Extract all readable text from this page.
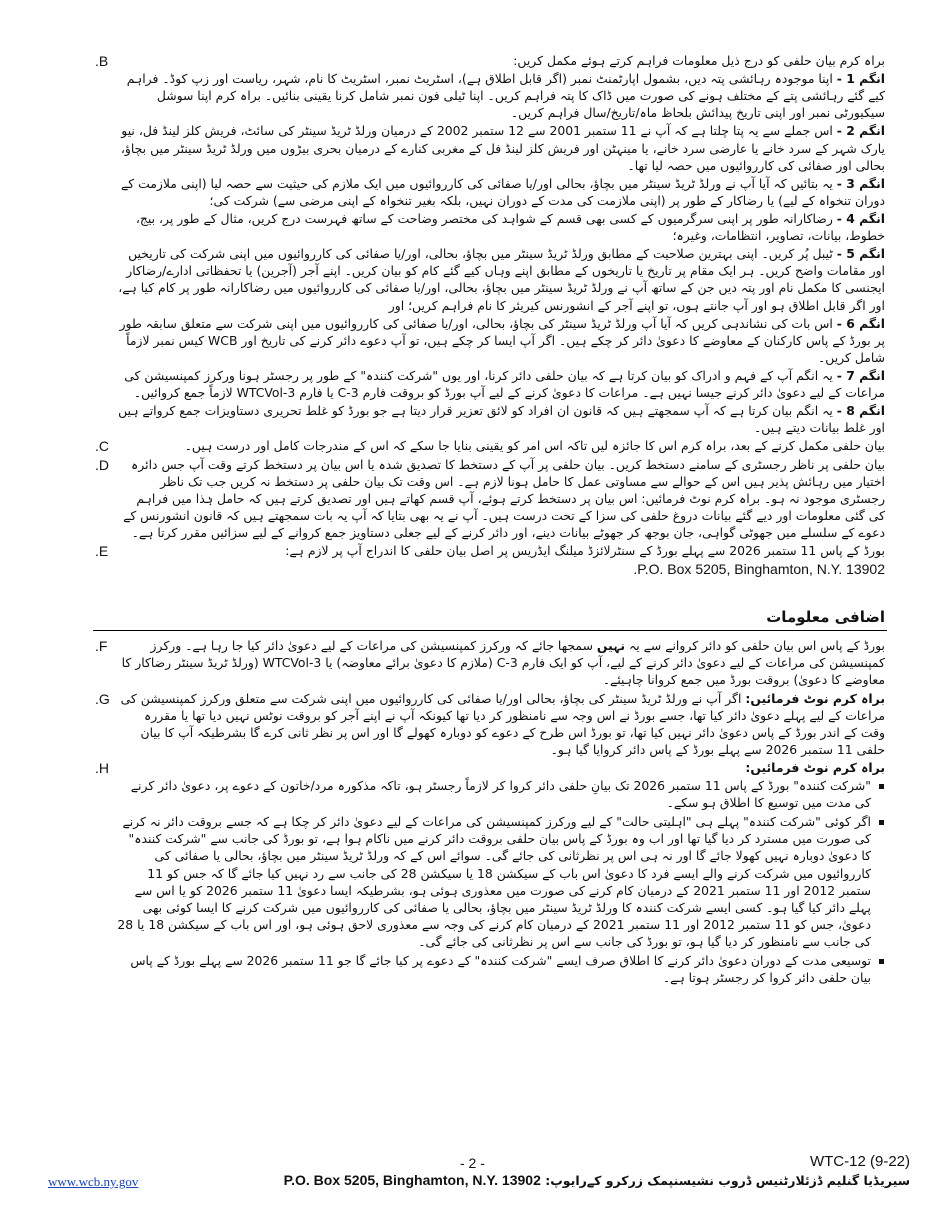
.B	براہ کرم بیان حلفی کو درج ذیل معلومات فراہم کرتے ہوئے مکمل کریں:

انگم 1 - اپنا موجودہ رہائشی پتہ دیں، بشمول اپارٹمنٹ نمبر (اگر قابل اطلاق ہے)، اسٹریٹ نمبر، اسٹریٹ کا نام، شہر، ریاست اور زپ کوڈ۔ فراہم کیے گئے رہائشی پتے کے مختلف ہونے کی صورت میں ڈاک کا پتہ فراہم کریں۔ اپنا ٹیلی فون نمبر شامل کرنا یقینی بنائیں۔ براہ کرم اپنا سوشل سیکیورٹی نمبر اور اپنی تاریخ پیدائش بلحاظ ماہ/تاریخ/سال فراہم کریں۔

انگم 2 - اس جملے سے یہ پتا چلتا ہے کہ آپ نے 11 ستمبر 2001 سے 12 ستمبر 2002 کے درمیان ورلڈ ٹریڈ سینٹر کی سائٹ، فریش کلز لینڈ فل، نیو یارک شہر کے سرد خانے یا عارضی سرد خانے، یا مینہٹن اور فریش کلز لینڈ فل کے مغربی کنارے کے درمیان بحری بیڑوں میں ورلڈ ٹریڈ سینٹر میں بچاؤ، بحالی اور صفائی کی کارروائیوں میں حصہ لیا تھا۔

انگم 3 - یہ بتائیں کہ آیا آپ نے ورلڈ ٹریڈ سینٹر میں بچاؤ، بحالی اور/یا صفائی کی کارروائیوں میں ایک ملازم کی حیثیت سے حصہ لیا (اپنی ملازمت کے دوران تنخواہ کے لیے) یا رضاکار کے طور پر (اپنی ملازمت کی مدت کے دوران نہیں، بلکہ بغیر تنخواہ کے اپنی مرضی سے) شرکت کی؛

انگم 4 - رضاکارانہ طور پر اپنی سرگرمیوں کے کسی بھی قسم کے شواہد کی مختصر وضاحت کے ساتھ فہرست درج کریں، مثال کے طور پر، بیج، خطوط، بیانات، تصاویر، انتظامات، وغیرہ؛

انگم 5 - ٹیبل پُر کریں۔ اپنی بہترین صلاحیت کے مطابق ورلڈ ٹریڈ سینٹر میں بچاؤ، بحالی، اور/یا صفائی کی کارروائیوں میں اپنی شرکت کی تاریخیں اور مقامات واضح کریں۔ ہر ایک مقام پر تاریخ یا تاریخوں کے مطابق اپنے وہاں کیے گئے کام کو بیان کریں۔ اپنے آجر (آجرین) یا تحفظاتی ادارے/رضاکار ایجنسی کا مکمل نام اور پتہ دیں جن کے ساتھ آپ نے ورلڈ ٹریڈ سینٹر میں بچاؤ، بحالی، اور/یا صفائی کی کارروائیوں میں رضاکارانہ طور پر کام کیا ہے، اور اگر قابل اطلاق ہو اور آپ جانتے ہوں، تو اپنے آجر کے انشورنس کیریئر کا نام فراہم کریں؛ اور

انگم 6 - اس بات کی نشاندہی کریں کہ آیا آپ ورلڈ ٹریڈ سینٹر کی بچاؤ، بحالی، اور/یا صفائی کی کارروائیوں میں اپنی شرکت سے متعلق سابقہ طور پر بورڈ کے پاس کارکنان کے معاوضے کا دعویٰ دائر کر چکے ہیں۔ اگر آپ ایسا کر چکے ہیں، تو آپ دعوے دائر کرنے کی تاریخ اور WCB کیس نمبر لازماً شامل کریں۔

انگم 7 - یہ انگم آپ کے فہم و ادراک کو بیان کرتا ہے کہ بیان حلفی دائر کرنا، اور یوں "شرکت کنندہ" کے طور پر رجسٹر ہونا ورکرز کمپنسیشن کی مراعات کے لیے دعویٰ دائر کرنے جیسا نہیں ہے۔ مراعات کا دعویٰ کرنے کے لیے آپ بورڈ کو بروقت فارم C-3 یا فارم WTCVol-3 لازماً جمع کروائیں۔

انگم 8 - یہ انگم بیان کرتا ہے کہ آپ سمجھتے ہیں کہ قانون ان افراد کو لائق تعزیر قرار دیتا ہے جو بورڈ کو غلط تحریری دستاویزات جمع کرواتے ہیں اور غلط بیانات دیتے ہیں۔

.C	بیان حلفی مکمل کرنے کے بعد، براہ کرم اس کا جائزہ لیں تاکہ اس امر کو یقینی بنایا جا سکے کہ اس کے مندرجات کامل اور درست ہیں۔

.D	بیان حلفی پر ناظر رجسٹری کے سامنے دستخط کریں۔ بیان حلفی پر آپ کے دستخط کا تصدیق شدہ یا اس بیان پر دستخط کرتے وقت آپ جس دائرہ اختیار میں رہائش پذیر ہیں اس کے حوالے سے مساوتی عمل کا حامل ہونا لازم ہے۔ اس وقت تک بیان حلفی پر دستخط نہ کریں جب تک ناظر رجسٹری موجود نہ ہو۔ براہ کرم نوٹ فرمائیں: اس بیان پر دستخط کرتے ہوئے، آپ قسم کھاتے ہیں اور تصدیق کرتے ہیں کہ حامل ہٰذا میں فراہم کی گئی معلومات اور دیے گئے بیانات دروغ حلفی کی سزا کے تحت درست ہیں۔ آپ نے یہ بھی بتایا کہ آپ یہ بات سمجھتے ہیں کہ قانون انشورنس کے دعوے کے سلسلے میں جھوٹی گواہی، جان بوجھ کر جھوٹے بیانات دینے، اور دائر کرنے کے لیے جعلی دستاویز جمع کروانے کے لیے سزائیں مقرر کرتا ہے۔

.E	بورڈ کے پاس 11 ستمبر 2026 سے پہلے بورڈ کے سنٹرلائزڈ میلنگ ایڈریس پر اصل بیان حلفی کا اندراج آپ پر لازم ہے:

.P.O. Box 5205, Binghamton, N.Y. 13902

اضافی معلومات
.F	بورڈ کے پاس اس بیان حلفی کو دائر کروانے سے یہ نہیں سمجھا جائے کہ ورکرز کمپنسیشن کی مراعات کے لیے دعویٰ دائر کیا جا رہا ہے۔ ورکرز کمپنسیشن کی مراعات کے لیے دعویٰ دائر کرنے کے لیے، آپ کو ایک فارم C-3 (ملازم کا دعویٰ برائے معاوضہ) یا WTCVol-3 (ورلڈ ٹریڈ سینٹر رضاکار کا معاوضے کا دعویٰ) بروقت بورڈ میں جمع کروانا چاہیئے۔

.G	براہ کرم نوٹ فرمائیں: اگر آپ نے ورلڈ ٹریڈ سینٹر کی بچاؤ، بحالی اور/یا صفائی کی کارروائیوں میں اپنی شرکت سے متعلق ورکرز کمپنسیشن کی مراعات کے لیے پہلے دعویٰ دائر کیا تھا، جسے بورڈ نے اس وجہ سے نامنظور کر دیا تھا کیونکہ آپ نے اپنے آجر کو بروقت نوٹس نہیں دیا تھا یا مقررہ وقت کے اندر بورڈ کے پاس دعویٰ دائر نہیں کیا تھا، تو بورڈ اس طرح کے دعوے کو دوبارہ کھولے گا اور اس پر نظر ثانی کرے گا بشرطیکہ آپ کا بیان حلفی 11 ستمبر 2026 سے پہلے بورڈ کے پاس دائر کروایا گیا ہو۔

.H	براہ کرم نوٹ فرمائیں:

"شرکت کنندہ" بورڈ کے پاس 11 ستمبر 2026 تک بیانِ حلفی دائر کروا کر لازماً رجسٹر ہو، تاکہ مذکورہ مرد/خاتون کے دعوے پر، دعویٰ دائر کرنے کی مدت میں توسیع کا اطلاق ہو سکے۔
اگر کوئی "شرکت کنندہ" پہلے ہی "اہلیتی حالت" کے لیے ورکرز کمپنسیشن کی مراعات کے لیے دعویٰ دائر کر چکا ہے کہ جسے بروقت دائر نہ کرنے کی صورت میں مسترد کر دیا گیا تھا اور اب وہ بورڈ کے پاس بیان حلفی بروقت دائر کرنے میں ناکام ہوا ہے، تو بورڈ کی جانب سے "شرکت کنندہ" کا دعویٰ دوبارہ نہیں کھولا جائے گا اور نہ ہی اس پر نظرثانی کی جائے گی۔ سوائے اس کے کہ ورلڈ ٹریڈ سینٹر میں بچاؤ، بحالی یا صفائی کی کارروائیوں میں شرکت کرنے والے ایسے فرد کا دعویٰ اس باب کے سیکشن 18 یا سیکشن 28 کی جانب سے رد نہیں کیا جائے گا کہ جس کو 11 ستمبر 2012 اور 11 ستمبر 2021 کے درمیان کام کرنے کی صورت میں معذوری ہوئی ہو، بشرطیکہ ایسا دعویٰ 11 ستمبر 2026 کو یا اس سے پہلے دائر کیا گیا ہو۔ کسی ایسے شرکت کنندہ کا ورلڈ ٹریڈ سینٹر میں بچاؤ، بحالی یا صفائی کی کارروائیوں میں شرکت کرنے کا ایسا کوئی بھی دعویٰ، جس کو 11 ستمبر 2012 اور 11 ستمبر 2021 کے درمیان کام کرنے کی وجہ سے معذوری لاحق ہوئی ہو، اور اس باب کے سیکشن 18 یا 28 کی جانب سے نامنظور کر دیا گیا ہو، تو بورڈ کی جانب سے اس پر نظرثانی کی جائے گی۔
توسیعی مدت کے دوران دعویٰ دائر کرنے کا اطلاق صرف ایسے "شرکت کنندہ" کے دعوے پر کیا جائے گا جو 11 ستمبر 2026 سے پہلے بورڈ کے پاس بیان حلفی دائر کروا کر رجسٹر ہوتا ہے۔
- 2 -	WTC-12 (9-22)
سیریڈیا گنلیم ڈزئلارٹنیس ڈروب نشیسنپمک زرکرو کےرایوپ: P.O. Box 5205, Binghamton, N.Y. 13902
www.wcb.ny.gov
